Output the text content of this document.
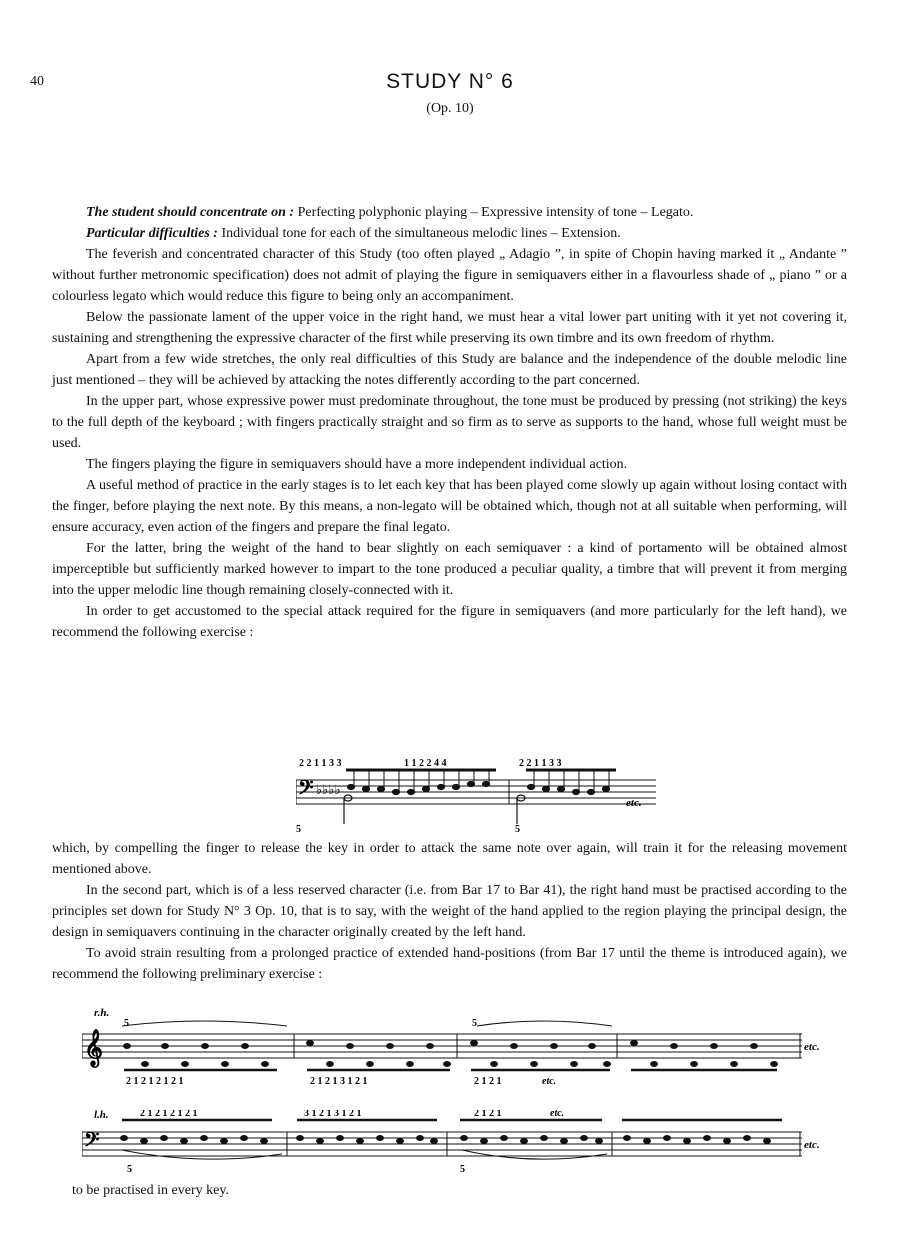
40	STUDY N° 6
(Op. 10)

The student should concentrate on : Perfecting polyphonic playing – Expressive intensity of tone – Legato.

Particular difficulties : Individual tone for each of the simultaneous melodic lines – Extension.

The feverish and concentrated character of this Study (too often played „ Adagio ”, in spite of Chopin having marked it „ Andante ” without further metronomic specification) does not admit of playing the figure in semiquavers either in a flavourless shade of „ piano ” or a colourless legato which would reduce this figure to being only an accompaniment.

Below the passionate lament of the upper voice in the right hand, we must hear a vital lower part uniting with it yet not covering it, sustaining and strengthening the expressive character of the first while preserving its own timbre and its own freedom of rhythm.

Apart from a few wide stretches, the only real difficulties of this Study are balance and the independence of the double melodic line just mentioned – they will be achieved by attacking the notes differently according to the part concerned.

In the upper part, whose expressive power must predominate throughout, the tone must be produced by pressing (not striking) the keys to the full depth of the keyboard ; with fingers practically straight and so firm as to serve as supports to the hand, whose full weight must be used.

The fingers playing the figure in semiquavers should have a more independent individual action.

A useful method of practice in the early stages is to let each key that has been played come slowly up again without losing contact with the finger, before playing the next note. By this means, a non-legato will be obtained which, though not at all suitable when performing, will ensure accuracy, even action of the fingers and prepare the final legato.

For the latter, bring the weight of the hand to bear slightly on each semiquaver : a kind of portamento will be obtained almost imperceptible but sufficiently marked however to impart to the tone produced a peculiar quality, a timbre that will prevent it from merging into the upper melodic line though remaining closely-connected with it.

In order to get accustomed to the special attack required for the figure in semiquavers (and more particularly for the left hand), we recommend the following exercise :

𝄢 ♭♭♭♭
2 2 1 1 3 3	1 1 2 2 4 4	2 2 1 1 3 3
5	5
etc.

which, by compelling the finger to release the key in order to attack the same note over again, will train it for the releasing movement mentioned above.

In the second part, which is of a less reserved character (i.e. from Bar 17 to Bar 41), the right hand must be practised according to the principles set down for Study N° 3 Op. 10, that is to say, with the weight of the hand applied to the region playing the principal design, the design in semiquavers continuing in the character originally created by the left hand.

To avoid strain resulting from a prolonged practice of extended hand-positions (from Bar 17 until the theme is introduced again), we recommend the following preliminary exercise :

𝄞
r.h.
5	5
2 1 2 1 2 1 2 1	2 1 2 1 3 1 2 1	2 1 2 1	etc.
etc.
𝄢
l.h.	2 1 2 1 2 1 2 1	3 1 2 1 3 1 2 1	2 1 2 1	etc.
5	5
etc.

to be practised in every key.
